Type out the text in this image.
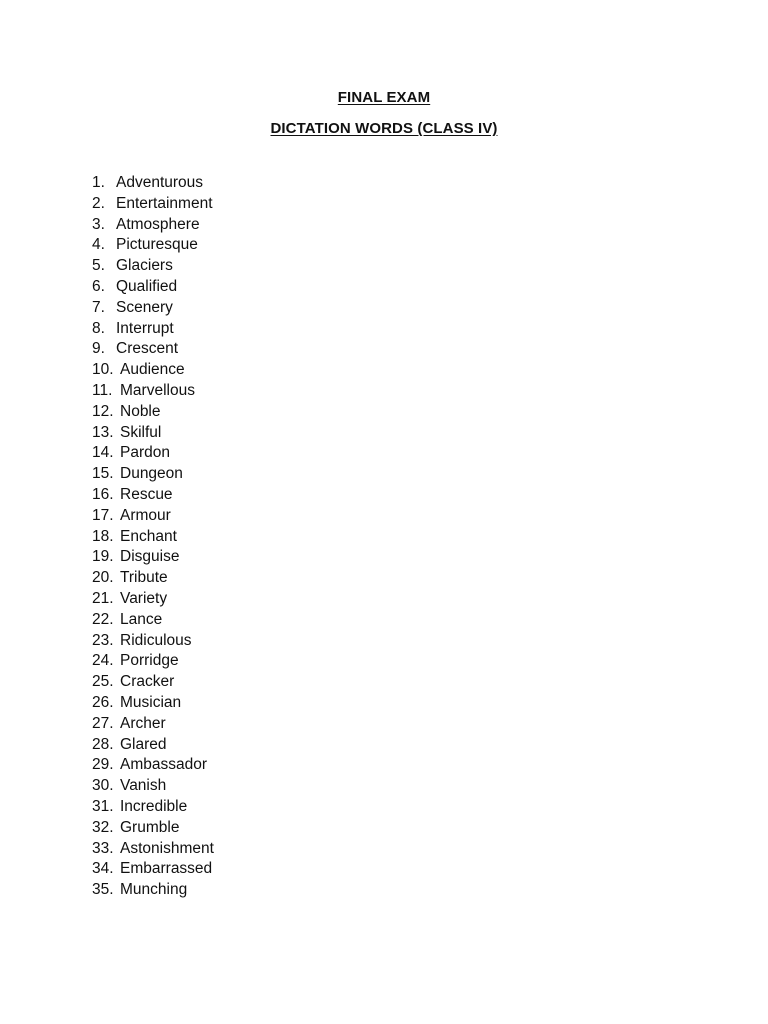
FINAL EXAM
DICTATION WORDS (CLASS IV)
1. Adventurous
2. Entertainment
3. Atmosphere
4. Picturesque
5. Glaciers
6. Qualified
7. Scenery
8. Interrupt
9. Crescent
10. Audience
11. Marvellous
12. Noble
13. Skilful
14. Pardon
15. Dungeon
16. Rescue
17. Armour
18. Enchant
19. Disguise
20. Tribute
21. Variety
22. Lance
23. Ridiculous
24. Porridge
25. Cracker
26. Musician
27. Archer
28. Glared
29. Ambassador
30. Vanish
31. Incredible
32. Grumble
33. Astonishment
34. Embarrassed
35. Munching
